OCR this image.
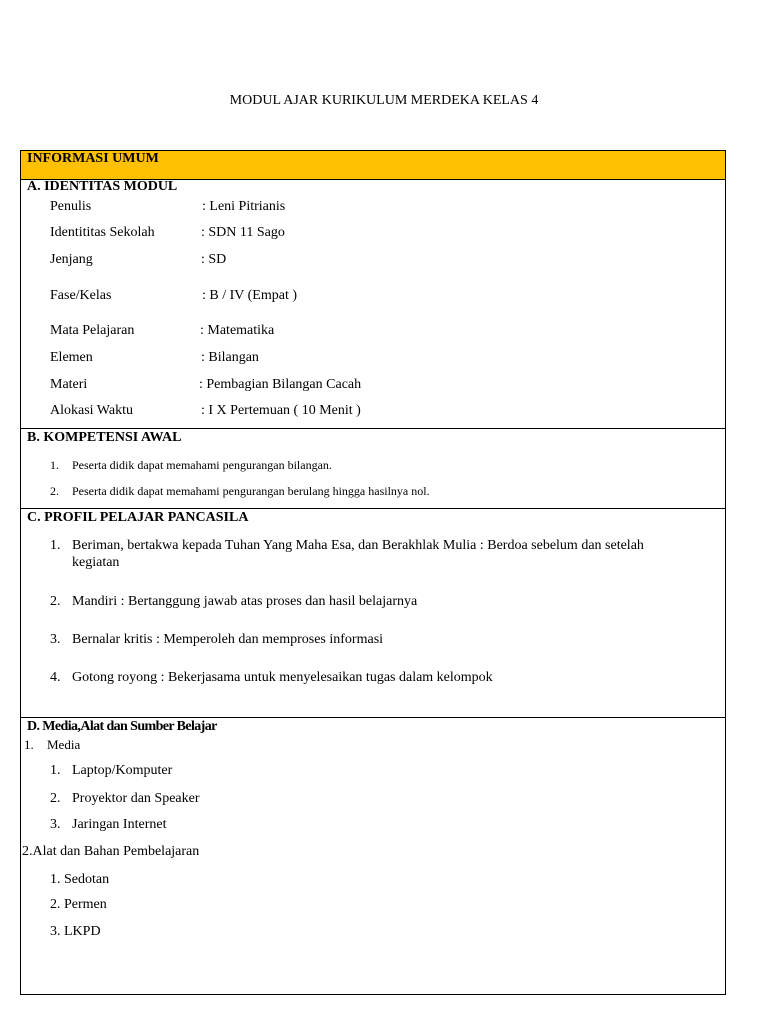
MODUL AJAR KURIKULUM MERDEKA KELAS 4
INFORMASI UMUM
A. IDENTITAS MODUL
Penulis	: Leni Pitrianis
Identititas Sekolah	: SDN 11 Sago
Jenjang	: SD
Fase/Kelas	: B / IV (Empat )
Mata Pelajaran	: Matematika
Elemen	: Bilangan
Materi	: Pembagian Bilangan Cacah
Alokasi Waktu	: I X Pertemuan ( 10 Menit )
B. KOMPETENSI AWAL
1. Peserta didik dapat memahami pengurangan bilangan.
2. Peserta didik dapat memahami pengurangan berulang hingga hasilnya nol.
C. PROFIL PELAJAR PANCASILA
1. Beriman, bertakwa kepada Tuhan Yang Maha Esa, dan Berakhlak Mulia : Berdoa sebelum dan setelah
kegiatan
2. Mandiri : Bertanggung jawab atas proses dan hasil belajarnya
3. Bernalar kritis : Memperoleh dan memproses informasi
4. Gotong royong : Bekerjasama untuk menyelesaikan tugas dalam kelompok
D. Media,Alat dan Sumber Belajar
1. Media
1. Laptop/Komputer
2. Proyektor dan Speaker
3. Jaringan Internet
2.Alat dan Bahan Pembelajaran
1. Sedotan
2. Permen
3. LKPD
